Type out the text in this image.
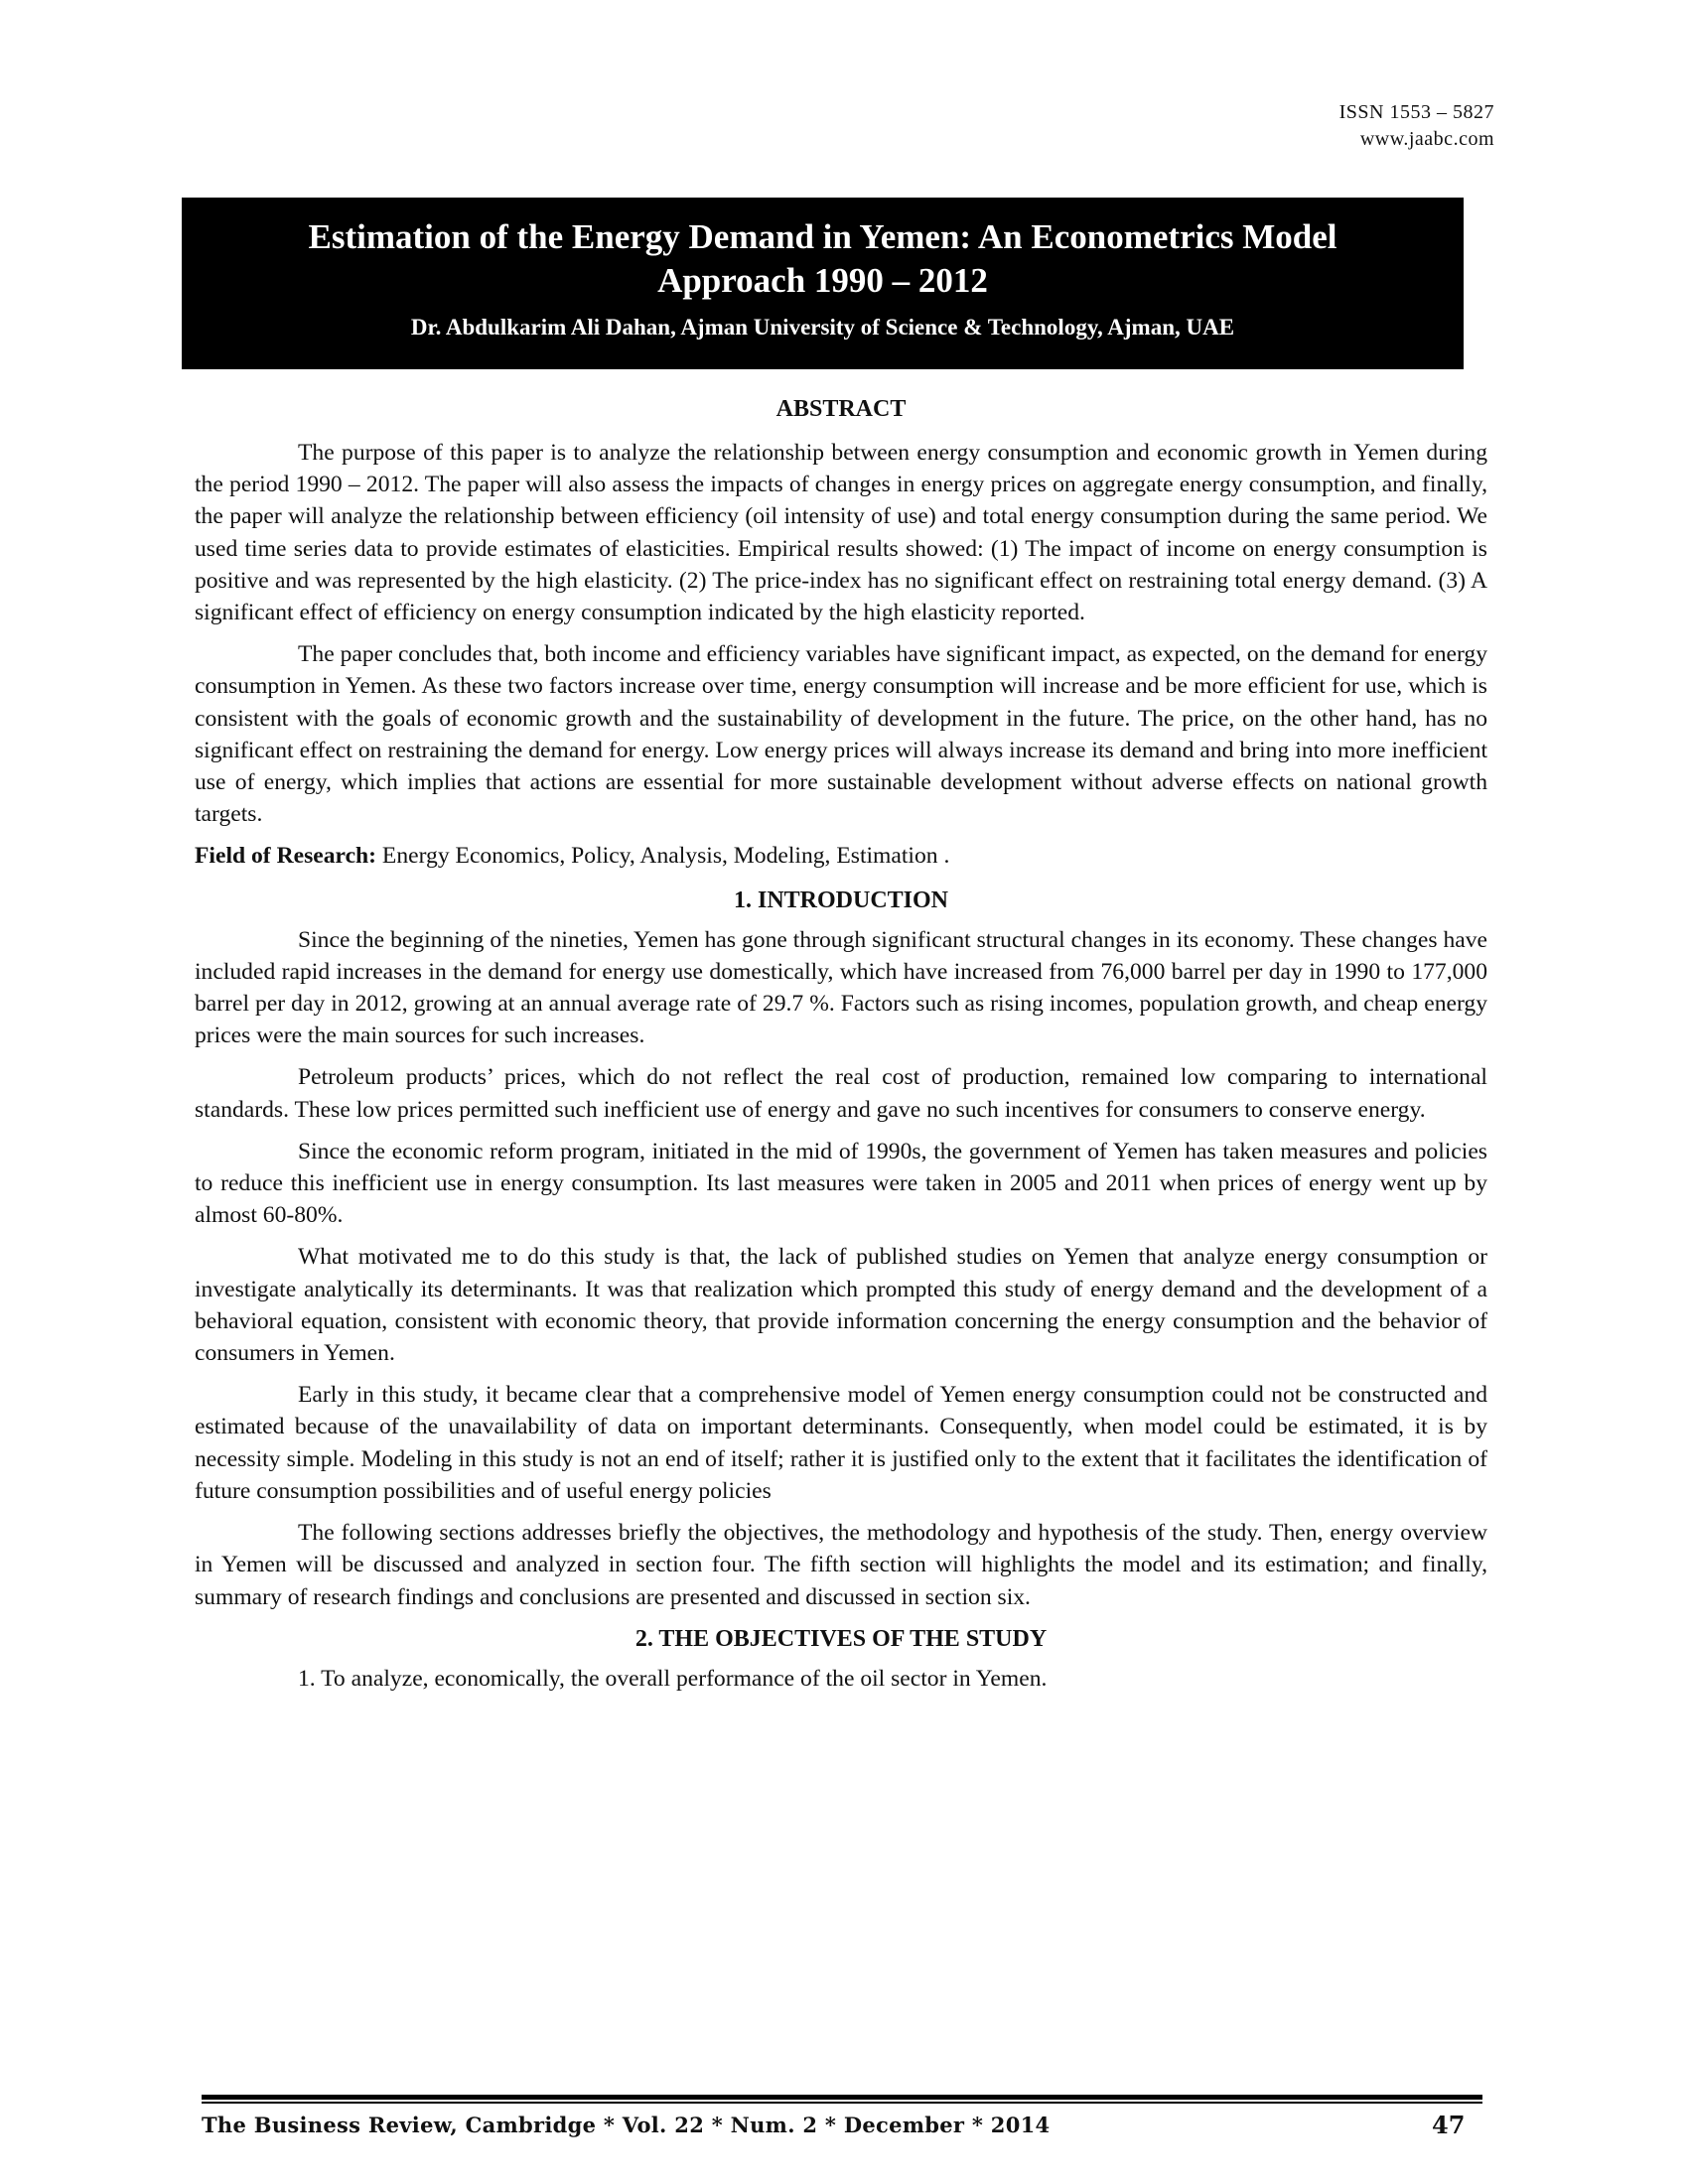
ISSN 1553 – 5827
www.jaabc.com
Estimation of the Energy Demand in Yemen: An Econometrics Model Approach 1990 – 2012
Dr. Abdulkarim Ali Dahan, Ajman University of Science & Technology, Ajman, UAE
ABSTRACT

The purpose of this paper is to analyze the relationship between energy consumption and economic growth in Yemen during the period 1990 – 2012. The paper will also assess the impacts of changes in energy prices on aggregate energy consumption, and finally, the paper will analyze the relationship between efficiency (oil intensity of use) and total energy consumption during the same period. We used time series data to provide estimates of elasticities. Empirical results showed: (1) The impact of income on energy consumption is positive and was represented by the high elasticity. (2) The price-index has no significant effect on restraining total energy demand. (3) A significant effect of efficiency on energy consumption indicated by the high elasticity reported.

The paper concludes that, both income and efficiency variables have significant impact, as expected, on the demand for energy consumption in Yemen. As these two factors increase over time, energy consumption will increase and be more efficient for use, which is consistent with the goals of economic growth and the sustainability of development in the future. The price, on the other hand, has no significant effect on restraining the demand for energy. Low energy prices will always increase its demand and bring into more inefficient use of energy, which implies that actions are essential for more sustainable development without adverse effects on national growth targets.

Field of Research: Energy Economics, Policy, Analysis, Modeling, Estimation .

1. INTRODUCTION

Since the beginning of the nineties, Yemen has gone through significant structural changes in its economy. These changes have included rapid increases in the demand for energy use domestically, which have increased from 76,000 barrel per day in 1990 to 177,000 barrel per day in 2012, growing at an annual average rate of 29.7 %. Factors such as rising incomes, population growth, and cheap energy prices were the main sources for such increases.

Petroleum products’ prices, which do not reflect the real cost of production, remained low comparing to international standards. These low prices permitted such inefficient use of energy and gave no such incentives for consumers to conserve energy.

Since the economic reform program, initiated in the mid of 1990s, the government of Yemen has taken measures and policies to reduce this inefficient use in energy consumption. Its last measures were taken in 2005 and 2011 when prices of energy went up by almost 60-80%.

What motivated me to do this study is that, the lack of published studies on Yemen that analyze energy consumption or investigate analytically its determinants. It was that realization which prompted this study of energy demand and the development of a behavioral equation, consistent with economic theory, that provide information concerning the energy consumption and the behavior of consumers in Yemen.

Early in this study, it became clear that a comprehensive model of Yemen energy consumption could not be constructed and estimated because of the unavailability of data on important determinants. Consequently, when model could be estimated, it is by necessity simple. Modeling in this study is not an end of itself; rather it is justified only to the extent that it facilitates the identification of future consumption possibilities and of useful energy policies

The following sections addresses briefly the objectives, the methodology and hypothesis of the study. Then, energy overview in Yemen will be discussed and analyzed in section four. The fifth section will highlights the model and its estimation; and finally, summary of research findings and conclusions are presented and discussed in section six.

2. THE OBJECTIVES OF THE STUDY

1. To analyze, economically, the overall performance of the oil sector in Yemen.

The Business Review, Cambridge * Vol. 22 * Num. 2 * December * 2014	47
